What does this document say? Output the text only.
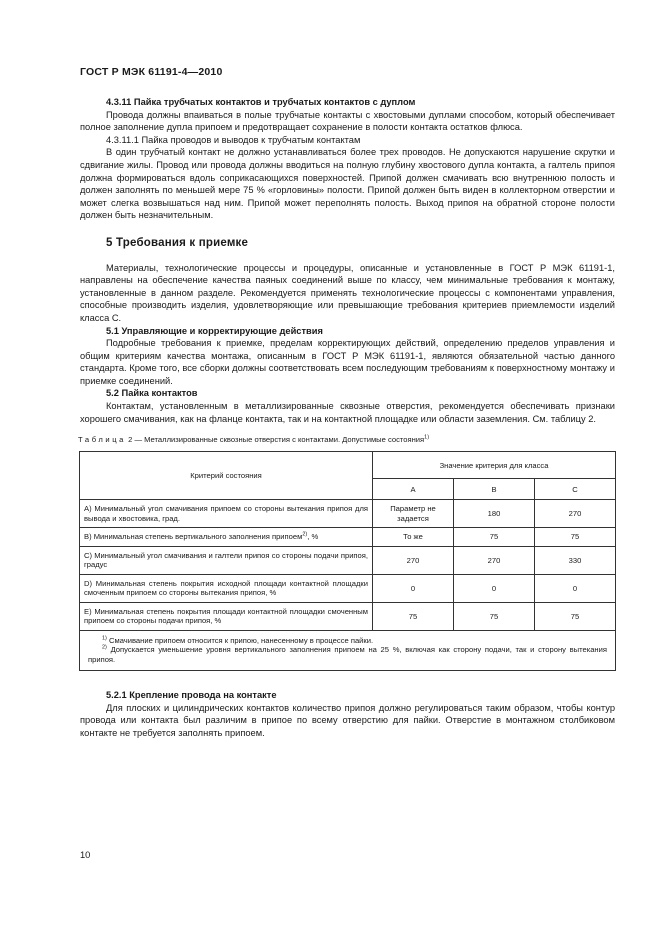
ГОСТ Р МЭК 61191-4—2010

4.3.11 Пайка трубчатых контактов и трубчатых контактов с дуплом

Провода должны впаиваться в полые трубчатые контакты с хвостовыми дуплами способом, который обеспечивает полное заполнение дупла припоем и предотвращает сохранение в полости контакта остатков флюса.

4.3.11.1 Пайка проводов и выводов к трубчатым контактам

В один трубчатый контакт не должно устанавливаться более трех проводов. Не допускаются нарушение скрутки и сдвигание жилы. Провод или провода должны вводиться на полную глубину хвостового дупла контакта, а галтель припоя должна формироваться вдоль соприкасающихся поверхностей. Припой должен смачивать всю внутреннюю полость и должен заполнять по меньшей мере 75 % «горловины» полости. Припой должен быть виден в коллекторном отверстии и может слегка возвышаться над ним. Припой может переполнять полость. Выход припоя на обратной стороне полости должен быть незначительным.

5 Требования к приемке

Материалы, технологические процессы и процедуры, описанные и установленные в ГОСТ Р МЭК 61191-1, направлены на обеспечение качества паяных соединений выше по классу, чем минимальные требования к монтажу, установленные в данном разделе. Рекомендуется применять технологические процессы с компонентами управления, способные производить изделия, удовлетворяющие или превышающие требования критериев приемлемости изделий класса С.

5.1 Управляющие и корректирующие действия

Подробные требования к приемке, пределам корректирующих действий, определению пределов управления и общим критериям качества монтажа, описанным в ГОСТ Р МЭК 61191-1, являются обязательной частью данного стандарта. Кроме того, все сборки должны соответствовать всем последующим требованиям к поверхностному монтажу и приемке соединений.

5.2 Пайка контактов

Контактам, установленным в металлизированные сквозные отверстия, рекомендуется обеспечивать признаки хорошего смачивания, как на фланце контакта, так и на контактной площадке или области заземления. См. таблицу 2.

Таблица 2 — Металлизированные сквозные отверстия с контактами. Допустимые состояния$^{1)}$
Критерий состояния	Значение критерия для класса		
	А	В	С
А) Минимальный угол смачивания припоем со стороны вытекания припоя для вывода и хвостовика, град.	Параметр не задается	180	270
В) Минимальная степень вертикального заполнения припоем$^{2)}$, %	То же	75	75
С) Минимальный угол смачивания и галтели припоя со стороны подачи припоя, градус	270	270	330
D) Минимальная степень покрытия исходной площади контактной площадки смоченным припоем со стороны вытекания припоя, %	0	0	0
Е) Минимальная степень покрытия площади контактной площадки смоченным припоем со стороны подачи припоя, %	75	75	75

$^{1)}$ Смачивание припоем относится к припою, нанесенному в процессе пайки.

$^{2)}$ Допускается уменьшение уровня вертикального заполнения припоем на 25 %, включая как сторону подачи, так и сторону вытекания припоя.			

5.2.1 Крепление провода на контакте

Для плоских и цилиндрических контактов количество припоя должно регулироваться таким образом, чтобы контур провода или контакта был различим в припое по всему отверстию для пайки. Отверстие в монтажном столбиковом контакте не требуется заполнять припоем.

10
